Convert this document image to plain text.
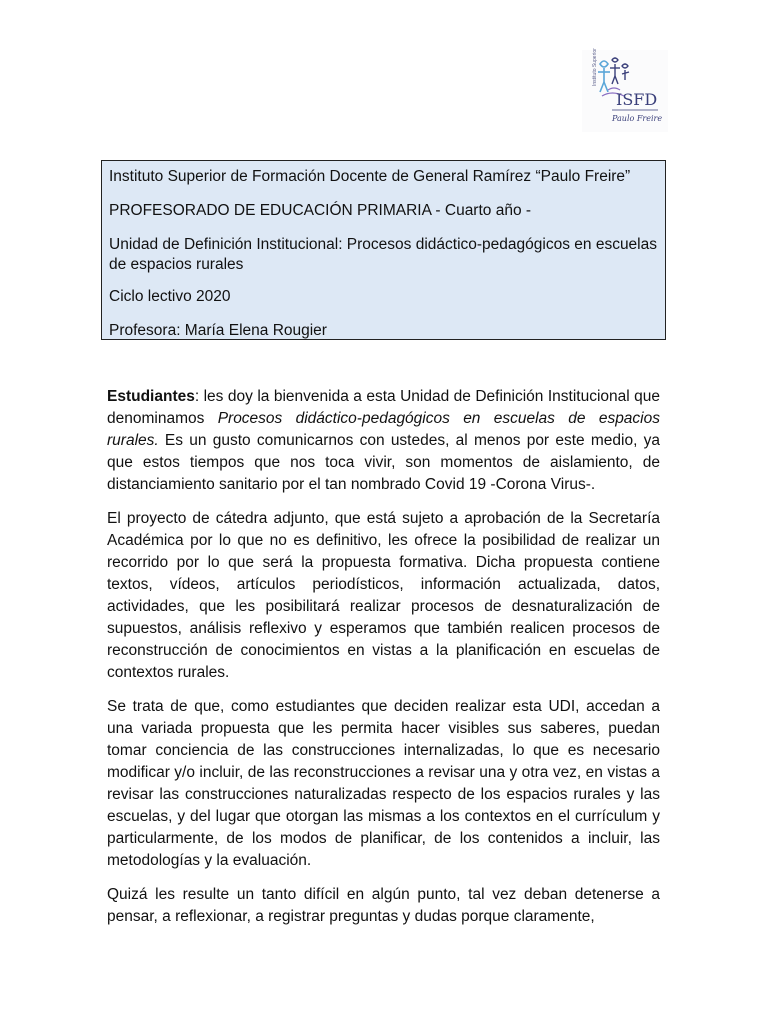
ISFD
Paulo Freire
Instituto Superior

Instituto Superior de Formación Docente de General Ramírez “Paulo Freire”

PROFESORADO DE EDUCACIÓN PRIMARIA - Cuarto año -

Unidad de Definición Institucional: Procesos didáctico-pedagógicos en escuelas de espacios rurales

Ciclo lectivo 2020

Profesora: María Elena Rougier

Estudiantes: les doy la bienvenida a esta Unidad de Definición Institucional que denominamos Procesos didáctico-pedagógicos en escuelas de espacios rurales. Es un gusto comunicarnos con ustedes, al menos por este medio, ya que estos tiempos que nos toca vivir, son momentos de aislamiento, de distanciamiento sanitario por el tan nombrado Covid 19 -Corona Virus-.

El proyecto de cátedra adjunto, que está sujeto a aprobación de la Secretaría Académica por lo que no es definitivo, les ofrece la posibilidad de realizar un recorrido por lo que será la propuesta formativa. Dicha propuesta contiene textos, vídeos, artículos periodísticos, información actualizada, datos, actividades, que les posibilitará realizar procesos de desnaturalización de supuestos, análisis reflexivo y esperamos que también realicen procesos de reconstrucción de conocimientos en vistas a la planificación en escuelas de contextos rurales.

Se trata de que, como estudiantes que deciden realizar esta UDI, accedan a una variada propuesta que les permita hacer visibles sus saberes, puedan tomar conciencia de las construcciones internalizadas, lo que es necesario modificar y/o incluir, de las reconstrucciones a revisar una y otra vez, en vistas a revisar las construcciones naturalizadas respecto de los espacios rurales y las escuelas, y del lugar que otorgan las mismas a los contextos en el currículum y particularmente, de los modos de planificar, de los contenidos a incluir, las metodologías y la evaluación.

Quizá les resulte un tanto difícil en algún punto, tal vez deban detenerse a pensar, a reflexionar, a registrar preguntas y dudas porque claramente,
